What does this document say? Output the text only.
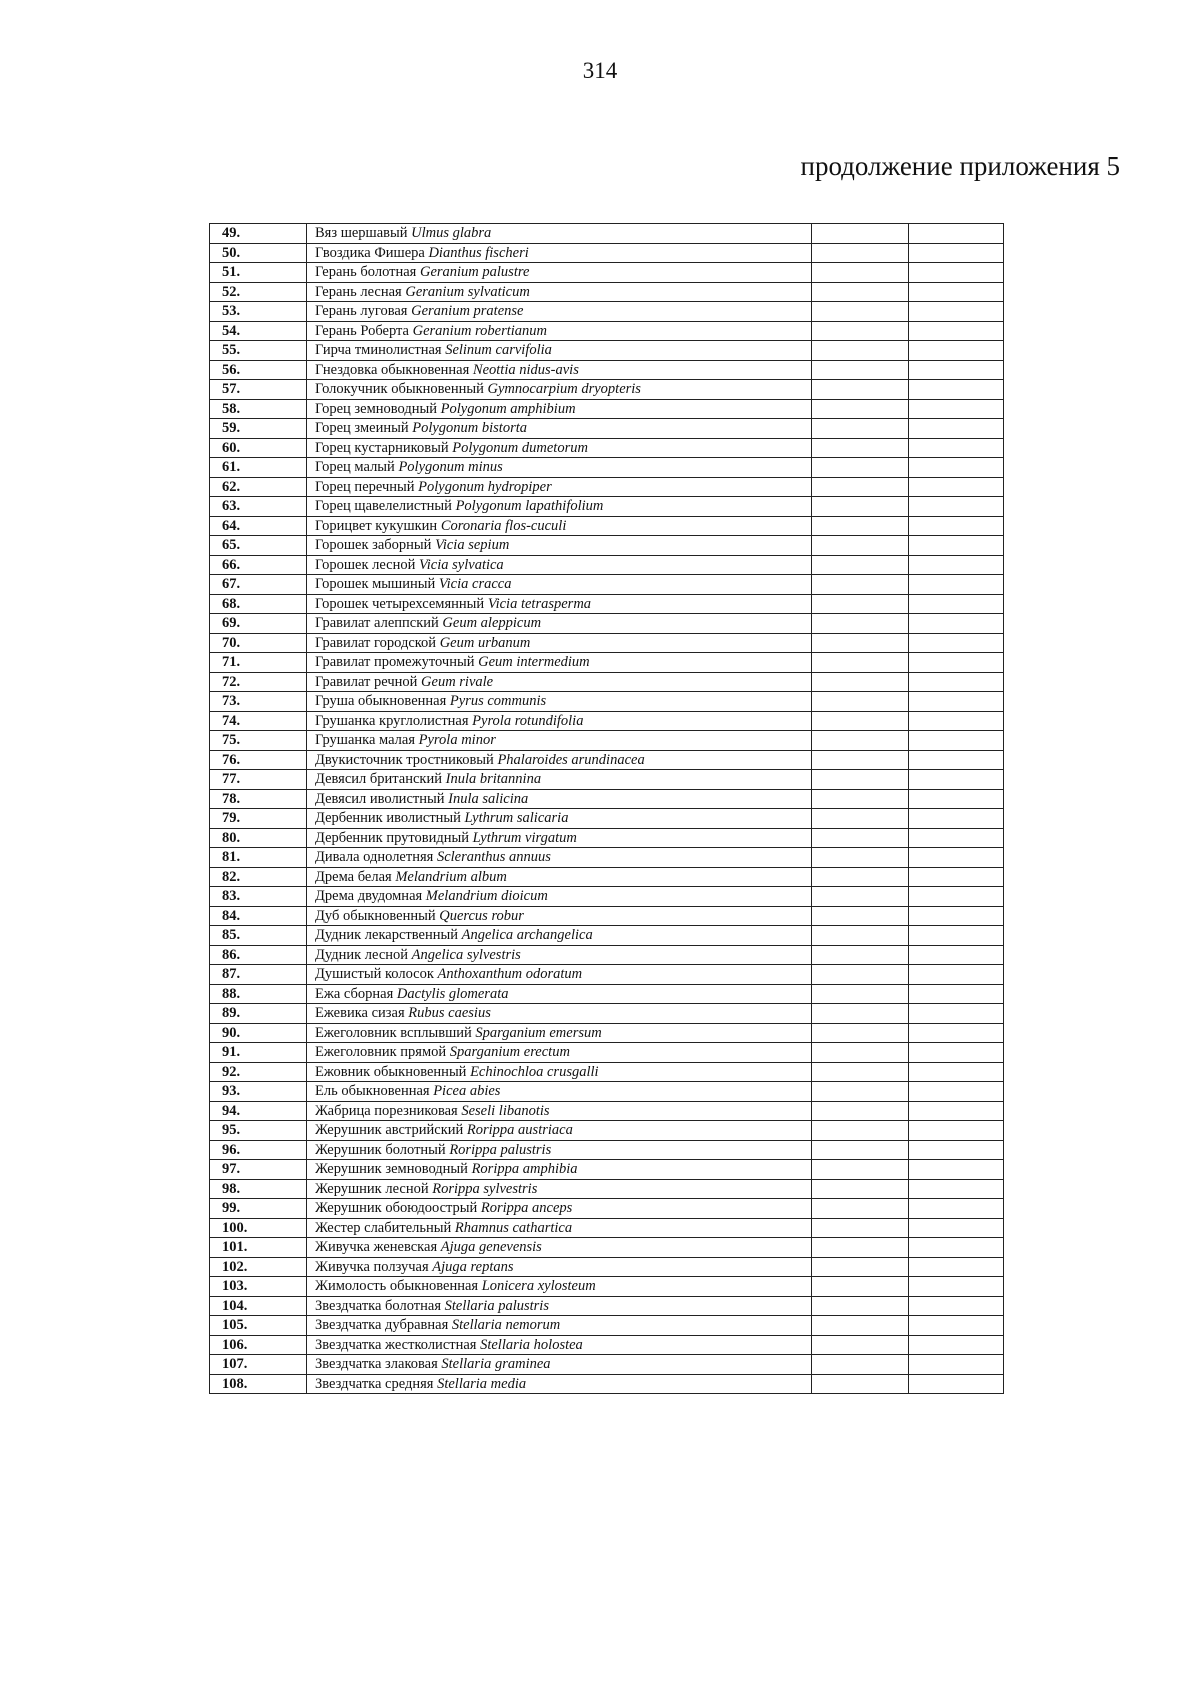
314
продолжение приложения 5
49.	Вяз шершавый Ulmus glabra		
50.	Гвоздика Фишера Dianthus fischeri		
51.	Герань болотная Geranium palustre		
52.	Герань лесная Geranium sylvaticum		
53.	Герань луговая Geranium pratense		
54.	Герань Роберта Geranium robertianum		
55.	Гирча тминолистная Selinum carvifolia		
56.	Гнездовка обыкновенная Neottia nidus-avis		
57.	Голокучник обыкновенный Gymnocarpium dryopteris		
58.	Горец земноводный Polygonum amphibium		
59.	Горец змеиный Polygonum bistorta		
60.	Горец кустарниковый Polygonum dumetorum		
61.	Горец малый Polygonum minus		
62.	Горец перечный Polygonum hydropiper		
63.	Горец щавелелистный Polygonum lapathifolium		
64.	Горицвет кукушкин Coronaria flos-cuculi		
65.	Горошек заборный Vicia sepium		
66.	Горошек лесной Vicia sylvatica		
67.	Горошек мышиный Vicia cracca		
68.	Горошек четырехсемянный Vicia tetrasperma		
69.	Гравилат алеппский Geum aleppicum		
70.	Гравилат городской Geum urbanum		
71.	Гравилат промежуточный Geum intermedium		
72.	Гравилат речной Geum rivale		
73.	Груша обыкновенная Pyrus communis		
74.	Грушанка круглолистная Pyrola rotundifolia		
75.	Грушанка малая Pyrola minor		
76.	Двукисточник тростниковый Phalaroides arundinacea		
77.	Девясил британский Inula britannina		
78.	Девясил иволистный Inula salicina		
79.	Дербенник иволистный Lythrum salicaria		
80.	Дербенник прутовидный Lythrum virgatum		
81.	Дивала однолетняя Scleranthus annuus		
82.	Дрема белая Melandrium album		
83.	Дрема двудомная Melandrium dioicum		
84.	Дуб обыкновенный Quercus robur		
85.	Дудник лекарственный Angelica archangelica		
86.	Дудник лесной Angelica sylvestris		
87.	Душистый колосок Anthoxanthum odoratum		
88.	Ежа сборная Dactylis glomerata		
89.	Ежевика сизая Rubus caesius		
90.	Ежеголовник всплывший Sparganium emersum		
91.	Ежеголовник прямой Sparganium erectum		
92.	Ежовник обыкновенный Echinochloa crusgalli		
93.	Ель обыкновенная Picea abies		
94.	Жабрица порезниковая Seseli libanotis		
95.	Жерушник австрийский Rorippa austriaca		
96.	Жерушник болотный Rorippa palustris		
97.	Жерушник земноводный Rorippa amphibia		
98.	Жерушник лесной Rorippa sylvestris		
99.	Жерушник обоюдоострый Rorippa anceps		
100.	Жестер слабительный Rhamnus cathartica		
101.	Живучка женевская Ajuga genevensis		
102.	Живучка ползучая Ajuga reptans		
103.	Жимолость обыкновенная Lonicera xylosteum		
104.	Звездчатка болотная Stellaria palustris		
105.	Звездчатка дубравная Stellaria nemorum		
106.	Звездчатка жестколистная Stellaria holostea		
107.	Звездчатка злаковая Stellaria graminea		
108.	Звездчатка средняя Stellaria media		
